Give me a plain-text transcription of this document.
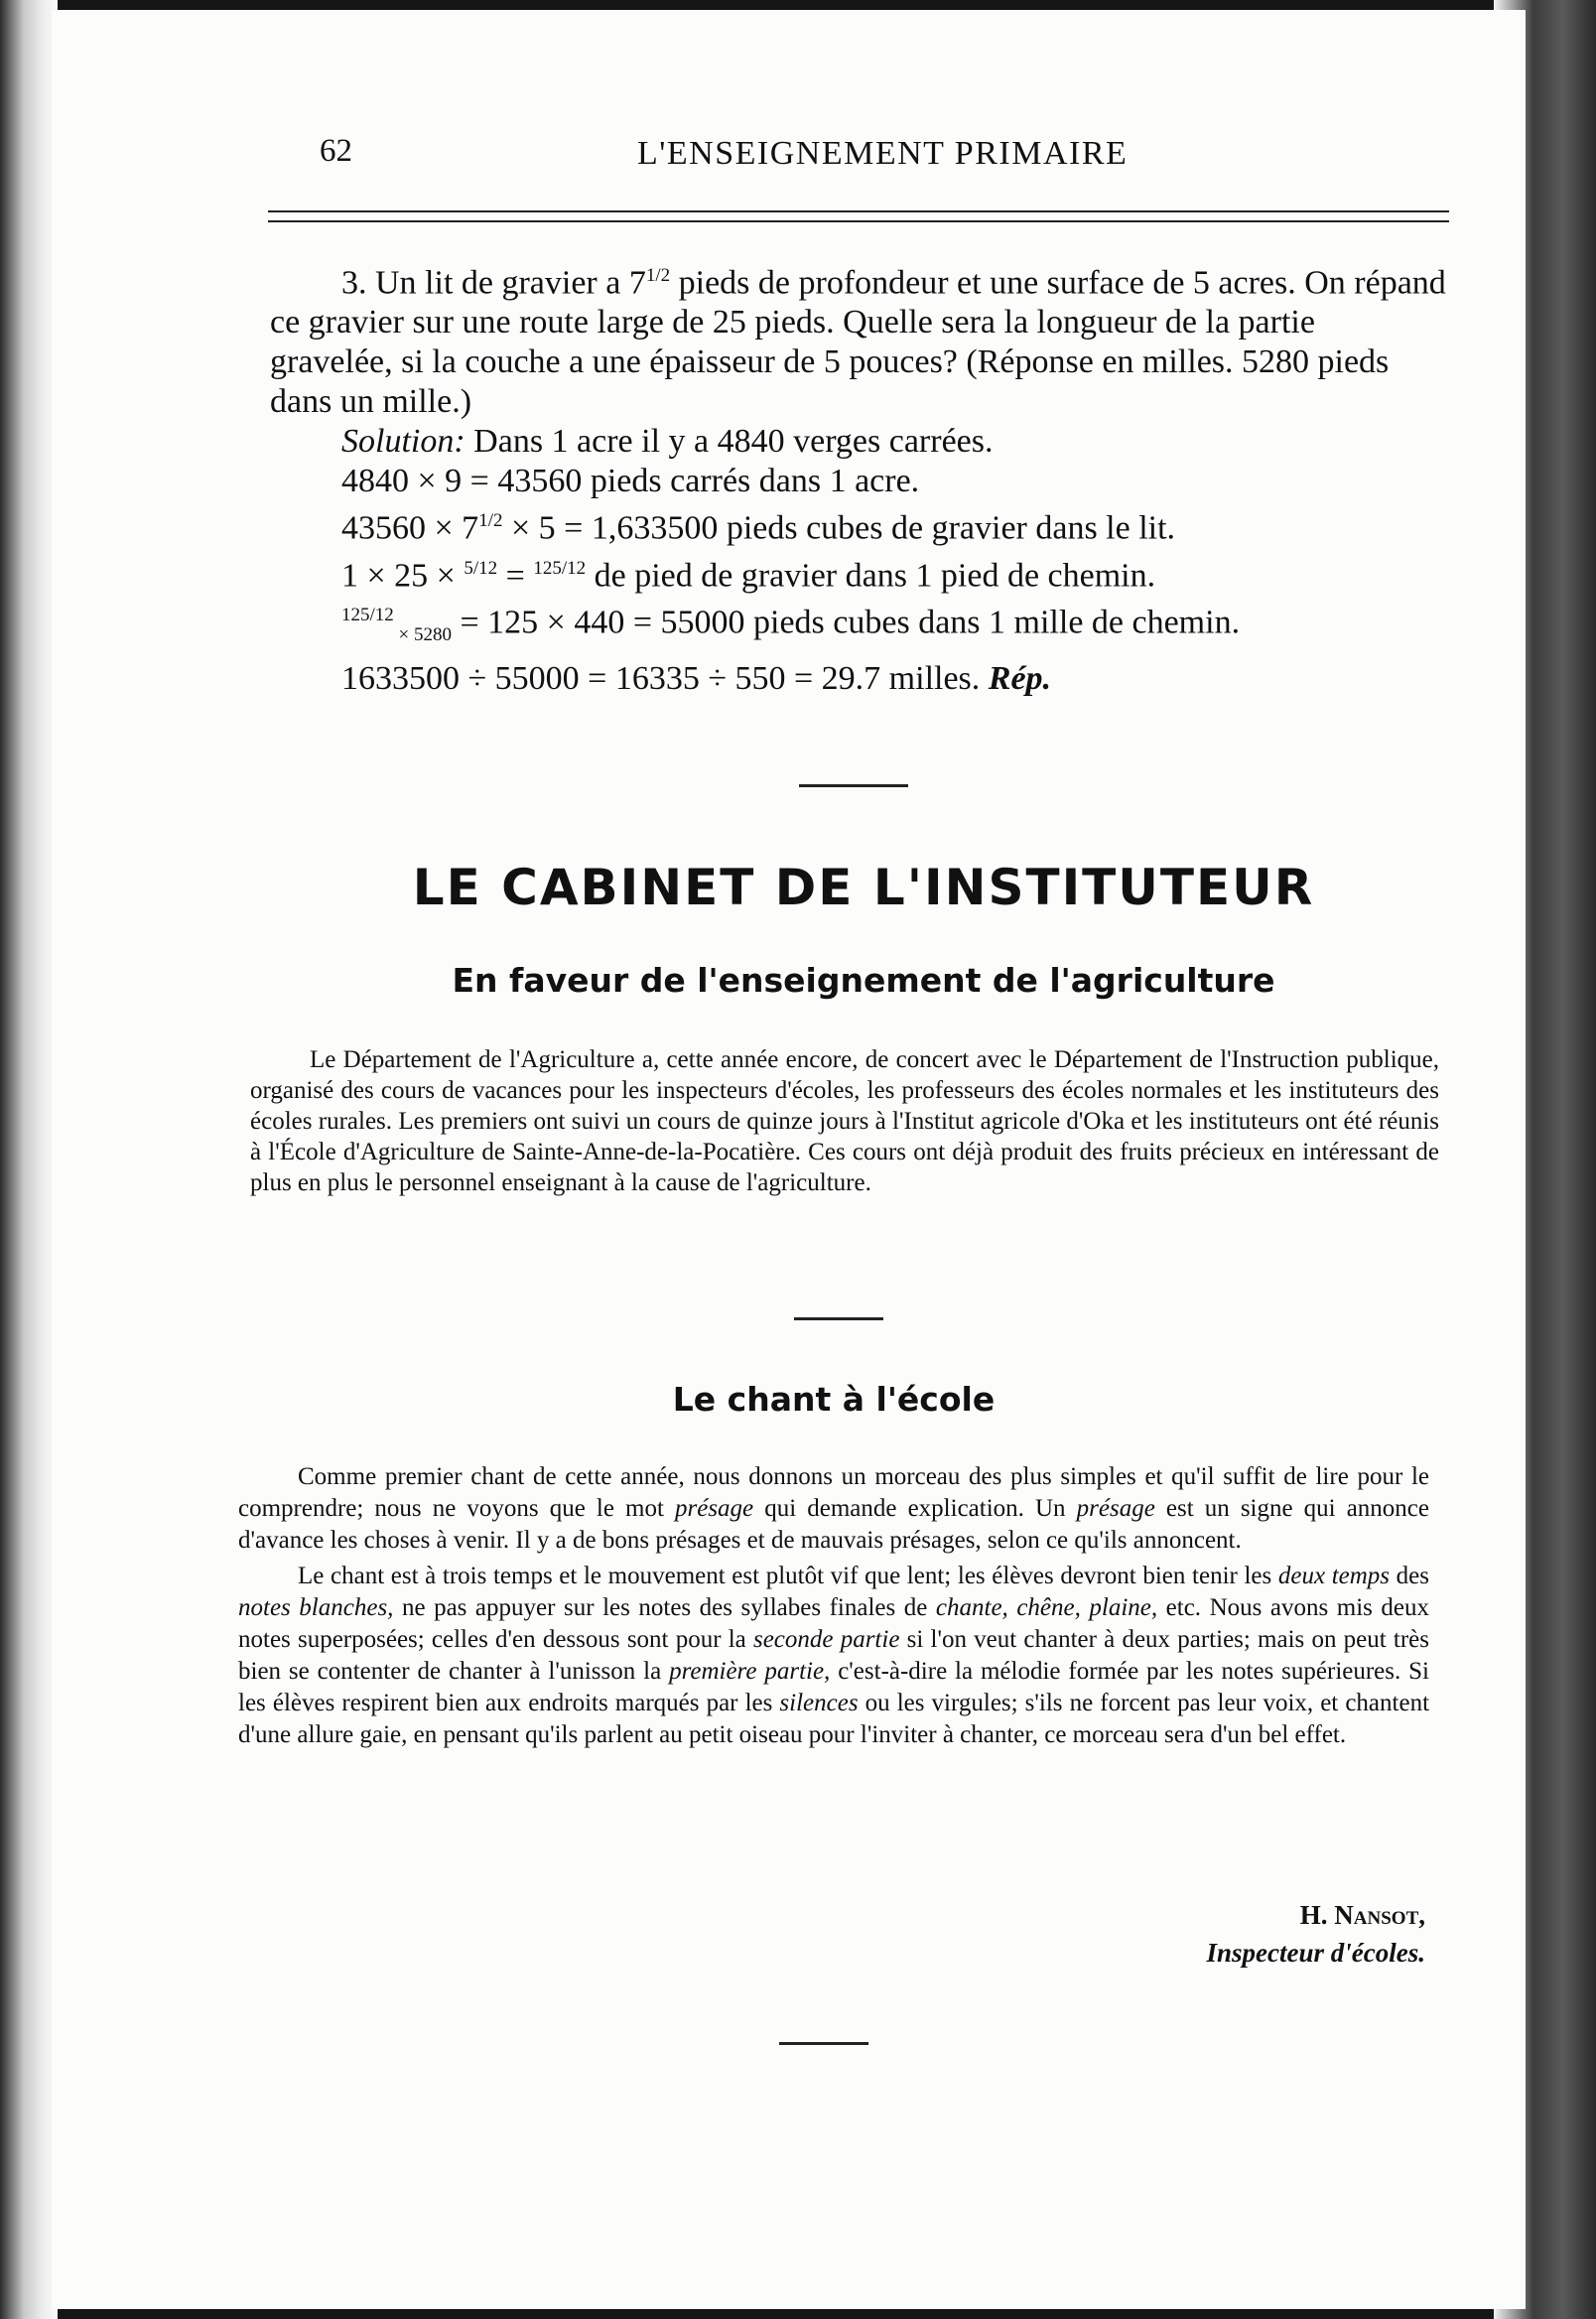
62	L'ENSEIGNEMENT PRIMAIRE

3. Un lit de gravier a $7^{1/2}$ pieds de profondeur et une surface de 5 acres. On répand ce gravier sur une route large de 25 pieds. Quelle sera la longueur de la partie gravelée, si la couche a une épaisseur de 5 pouces? (Réponse en milles. 5280 pieds dans un mille.)

Solution: Dans 1 acre il y a 4840 verges carrées.

4840 × 9 = 43560 pieds carrés dans 1 acre.

$43560 \times 7^{1/2} \times 5 = 1,633500$ pieds cubes de gravier dans le lit.

1 × 25 × $^{5/12}$ = $^{125/12}$ de pied de gravier dans 1 pied de chemin.

$^{125/12}$ $_{\times 5280}$ = 125 × 440 = 55000 pieds cubes dans 1 mille de chemin.

1633500 ÷ 55000 = 16335 ÷ 550 = 29.7 milles. Rép.

LE CABINET DE L'INSTITUTEUR
En faveur de l'enseignement de l'agriculture

Le Département de l'Agriculture a, cette année encore, de concert avec le Département de l'Instruction publique, organisé des cours de vacances pour les inspecteurs d'écoles, les professeurs des écoles normales et les instituteurs des écoles rurales. Les premiers ont suivi un cours de quinze jours à l'Institut agricole d'Oka et les instituteurs ont été réunis à l'École d'Agriculture de Sainte-Anne-de-la-Pocatière. Ces cours ont déjà produit des fruits précieux en intéressant de plus en plus le personnel enseignant à la cause de l'agriculture.

Le chant à l'école

Comme premier chant de cette année, nous donnons un morceau des plus simples et qu'il suffit de lire pour le comprendre; nous ne voyons que le mot présage qui demande explication. Un présage est un signe qui annonce d'avance les choses à venir. Il y a de bons présages et de mauvais présages, selon ce qu'ils annoncent.

Le chant est à trois temps et le mouvement est plutôt vif que lent; les élèves devront bien tenir les deux temps des notes blanches, ne pas appuyer sur les notes des syllabes finales de chante, chêne, plaine, etc. Nous avons mis deux notes superposées; celles d'en dessous sont pour la seconde partie si l'on veut chanter à deux parties; mais on peut très bien se contenter de chanter à l'unisson la première partie, c'est-à-dire la mélodie formée par les notes supérieures. Si les élèves respirent bien aux endroits marqués par les silences ou les virgules; s'ils ne forcent pas leur voix, et chantent d'une allure gaie, en pensant qu'ils parlent au petit oiseau pour l'inviter à chanter, ce morceau sera d'un bel effet.

H. Nansot,
Inspecteur d'écoles.
